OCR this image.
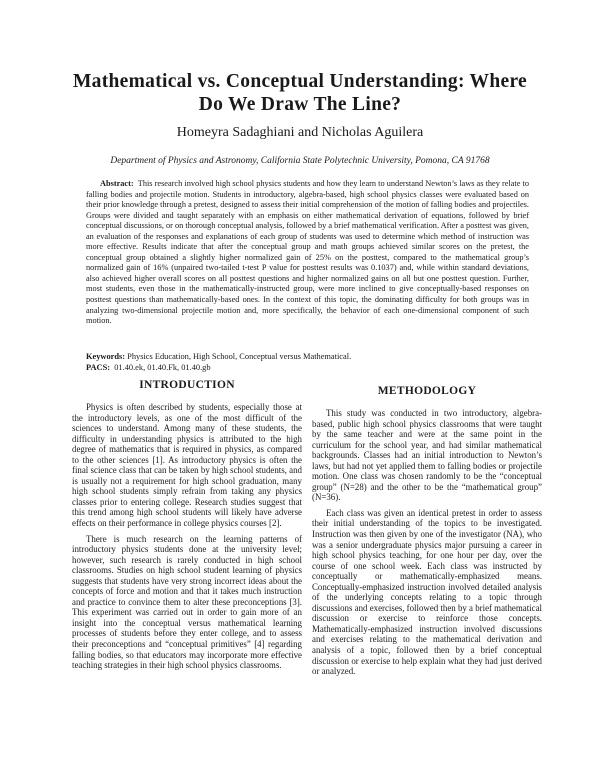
Mathematical vs. Conceptual Understanding: Where Do We Draw The Line?
Homeyra Sadaghiani and Nicholas Aguilera
Department of Physics and Astronomy, California State Polytechnic University, Pomona, CA 91768
Abstract: This research involved high school physics students and how they learn to understand Newton’s laws as they relate to falling bodies and projectile motion. Students in introductory, algebra-based, high school physics classes were evaluated based on their prior knowledge through a pretest, designed to assess their initial comprehension of the motion of falling bodies and projectiles. Groups were divided and taught separately with an emphasis on either mathematical derivation of equations, followed by brief conceptual discussions, or on thorough conceptual analysis, followed by a brief mathematical verification. After a posttest was given, an evaluation of the responses and explanations of each group of students was used to determine which method of instruction was more effective. Results indicate that after the conceptual group and math groups achieved similar scores on the pretest, the conceptual group obtained a slightly higher normalized gain of 25% on the posttest, compared to the mathematical group’s normalized gain of 16% (unpaired two-tailed t-test P value for posttest results was 0.1037) and, while within standard deviations, also achieved higher overall scores on all posttest questions and higher normalized gains on all but one posttest question. Further, most students, even those in the mathematically-instructed group, were more inclined to give conceptually-based responses on posttest questions than mathematically-based ones. In the context of this topic, the dominating difficulty for both groups was in analyzing two-dimensional projectile motion and, more specifically, the behavior of each one-dimensional component of such motion.
Keywords: Physics Education, High School, Conceptual versus Mathematical.
PACS: 01.40.ek, 01.40.Fk, 01.40.gb
INTRODUCTION

Physics is often described by students, especially those at the introductory levels, as one of the most difficult of the sciences to understand. Among many of these students, the difficulty in understanding physics is attributed to the high degree of mathematics that is required in physics, as compared to the other sciences [1]. As introductory physics is often the final science class that can be taken by high school students, and is usually not a requirement for high school graduation, many high school students simply refrain from taking any physics classes prior to entering college. Research studies suggest that this trend among high school students will likely have adverse effects on their performance in college physics courses [2].

There is much research on the learning patterns of introductory physics students done at the university level; however, such research is rarely conducted in high school classrooms. Studies on high school student learning of physics suggests that students have very strong incorrect ideas about the concepts of force and motion and that it takes much instruction and practice to convince them to alter these preconceptions [3]. This experiment was carried out in order to gain more of an insight into the conceptual versus mathematical learning processes of students before they enter college, and to assess their preconceptions and “conceptual primitives” [4] regarding falling bodies, so that educators may incorporate more effective teaching strategies in their high school physics classrooms.

METHODOLOGY

This study was conducted in two introductory, algebra-based, public high school physics classrooms that were taught by the same teacher and were at the same point in the curriculum for the school year, and had similar mathematical backgrounds. Classes had an initial introduction to Newton’s laws, but had not yet applied them to falling bodies or projectile motion. One class was chosen randomly to be the “conceptual group” (N=28) and the other to be the “mathematical group” (N=36).

Each class was given an identical pretest in order to assess their initial understanding of the topics to be investigated. Instruction was then given by one of the investigator (NA), who was a senior undergraduate physics major pursuing a career in high school physics teaching, for one hour per day, over the course of one school week. Each class was instructed by conceptually or mathematically-emphasized means. Conceptually-emphasized instruction involved detailed analysis of the underlying concepts relating to a topic through discussions and exercises, followed then by a brief mathematical discussion or exercise to reinforce those concepts. Mathematically-emphasized instruction involved discussions and exercises relating to the mathematical derivation and analysis of a topic, followed then by a brief conceptual discussion or exercise to help explain what they had just derived or analyzed.
